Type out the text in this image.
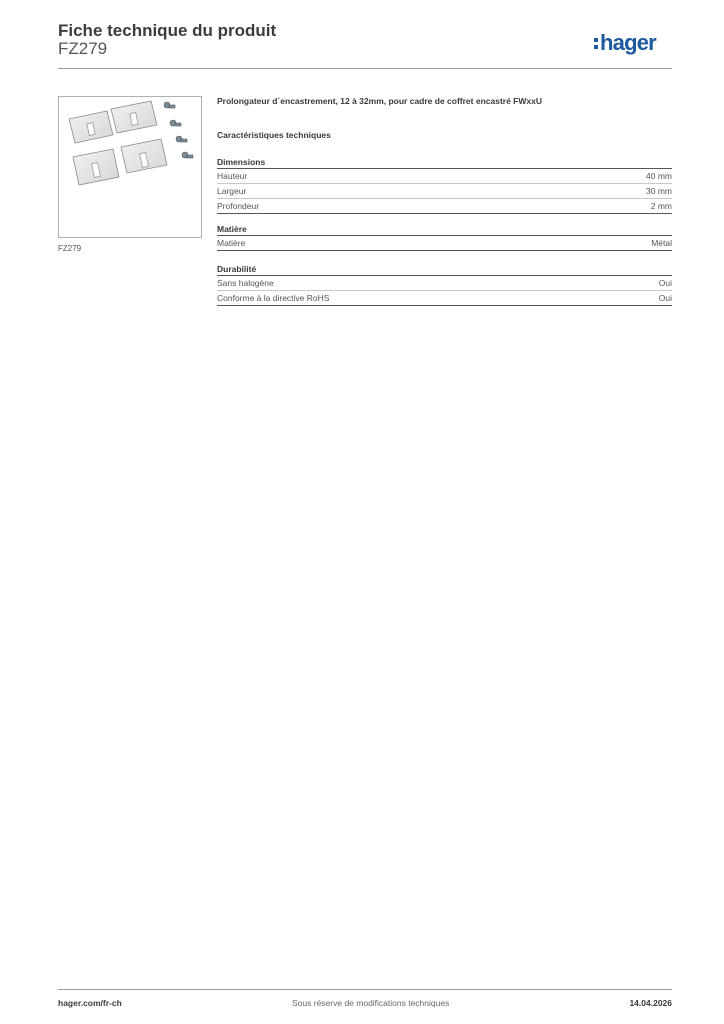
Fiche technique du produit
FZ279	hager
FZ279
Prolongateur d´encastrement, 12 à 32mm, pour cadre de coffret encastré FWxxU
Caractéristiques techniques
Dimensions
Hauteur	40 mm
Largeur	30 mm
Profondeur	2 mm
Matière
Matière	Métal
Durabilité
Sans halogène	Oui
Conforme à la directive RoHS	Oui
hager.com/fr-ch	Sous réserve de modifications techniques	14.04.2026
